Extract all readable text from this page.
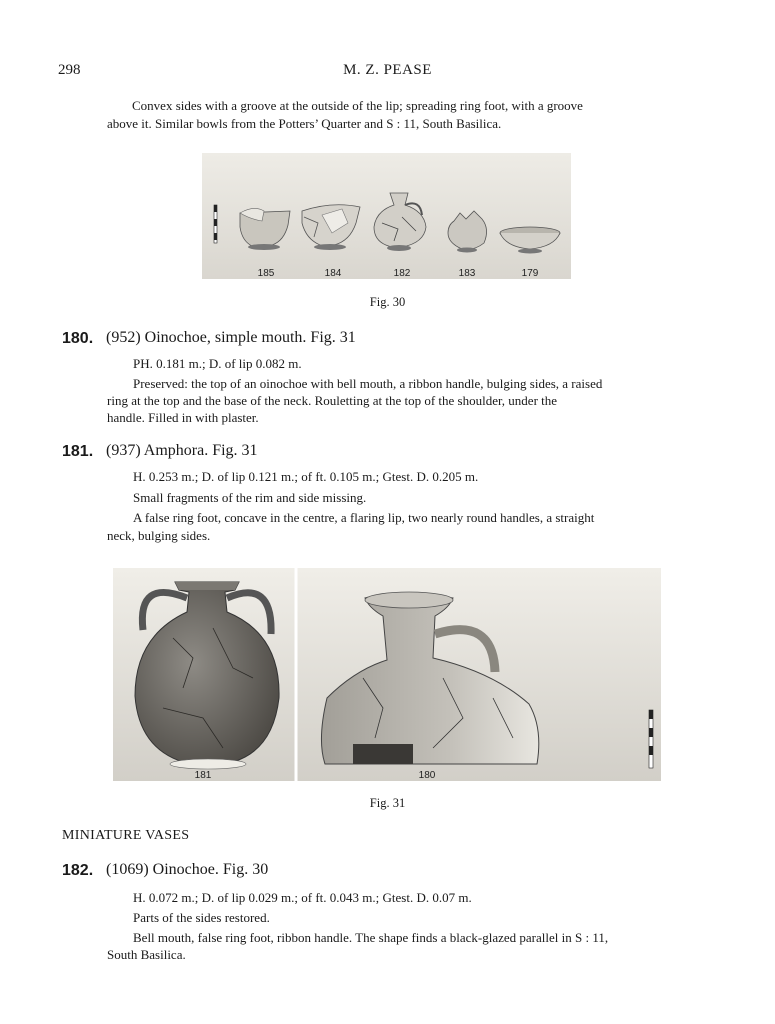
298	M. Z. PEASE
Convex sides with a groove at the outside of the lip; spreading ring foot, with a groove
above it. Similar bowls from the Potters’ Quarter and S : 11, South Basilica.
185	184	182	183	179
Fig. 30
180. (952) Oinochoe, simple mouth. Fig. 31
PH. 0.181 m.; D. of lip 0.082 m.
Preserved: the top of an oinochoe with bell mouth, a ribbon handle, bulging sides, a raised
ring at the top and the base of the neck. Rouletting at the top of the shoulder, under the
handle. Filled in with plaster.
181. (937) Amphora. Fig. 31
H. 0.253 m.; D. of lip 0.121 m.; of ft. 0.105 m.; Gtest. D. 0.205 m.
Small fragments of the rim and side missing.
A false ring foot, concave in the centre, a flaring lip, two nearly round handles, a straight
neck, bulging sides.
181	180
Fig. 31
MINIATURE VASES
182. (1069) Oinochoe. Fig. 30
H. 0.072 m.; D. of lip 0.029 m.; of ft. 0.043 m.; Gtest. D. 0.07 m.
Parts of the sides restored.
Bell mouth, false ring foot, ribbon handle. The shape finds a black-glazed parallel in S : 11,
South Basilica.
